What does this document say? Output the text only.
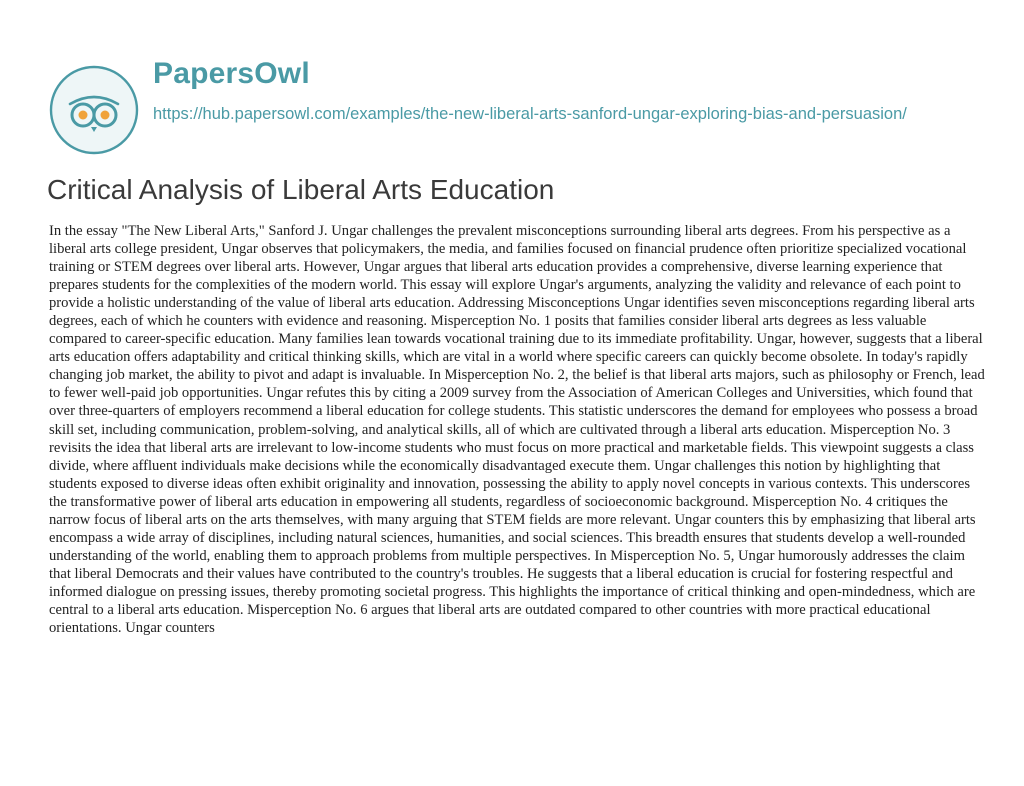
PapersOwl
https://hub.papersowl.com/examples/the-new-liberal-arts-sanford-ungar-exploring-bias-and-persuasion/
Critical Analysis of Liberal Arts Education

In the essay "The New Liberal Arts," Sanford J. Ungar challenges the prevalent misconceptions surrounding liberal arts degrees. From his perspective as a liberal arts college president, Ungar observes that policymakers, the media, and families focused on financial prudence often prioritize specialized vocational training or STEM degrees over liberal arts. However, Ungar argues that liberal arts education provides a comprehensive, diverse learning experience that prepares students for the complexities of the modern world. This essay will explore Ungar's arguments, analyzing the validity and relevance of each point to provide a holistic understanding of the value of liberal arts education. Addressing Misconceptions Ungar identifies seven misconceptions regarding liberal arts degrees, each of which he counters with evidence and reasoning. Misperception No. 1 posits that families consider liberal arts degrees as less valuable compared to career-specific education. Many families lean towards vocational training due to its immediate profitability. Ungar, however, suggests that a liberal arts education offers adaptability and critical thinking skills, which are vital in a world where specific careers can quickly become obsolete. In today's rapidly changing job market, the ability to pivot and adapt is invaluable. In Misperception No. 2, the belief is that liberal arts majors, such as philosophy or French, lead to fewer well-paid job opportunities. Ungar refutes this by citing a 2009 survey from the Association of American Colleges and Universities, which found that over three-quarters of employers recommend a liberal education for college students. This statistic underscores the demand for employees who possess a broad skill set, including communication, problem-solving, and analytical skills, all of which are cultivated through a liberal arts education. Misperception No. 3 revisits the idea that liberal arts are irrelevant to low-income students who must focus on more practical and marketable fields. This viewpoint suggests a class divide, where affluent individuals make decisions while the economically disadvantaged execute them. Ungar challenges this notion by highlighting that students exposed to diverse ideas often exhibit originality and innovation, possessing the ability to apply novel concepts in various contexts. This underscores the transformative power of liberal arts education in empowering all students, regardless of socioeconomic background. Misperception No. 4 critiques the narrow focus of liberal arts on the arts themselves, with many arguing that STEM fields are more relevant. Ungar counters this by emphasizing that liberal arts encompass a wide array of disciplines, including natural sciences, humanities, and social sciences. This breadth ensures that students develop a well-rounded understanding of the world, enabling them to approach problems from multiple perspectives. In Misperception No. 5, Ungar humorously addresses the claim that liberal Democrats and their values have contributed to the country's troubles. He suggests that a liberal education is crucial for fostering respectful and informed dialogue on pressing issues, thereby promoting societal progress. This highlights the importance of critical thinking and open-mindedness, which are central to a liberal arts education. Misperception No. 6 argues that liberal arts are outdated compared to other countries with more practical educational orientations. Ungar counters
